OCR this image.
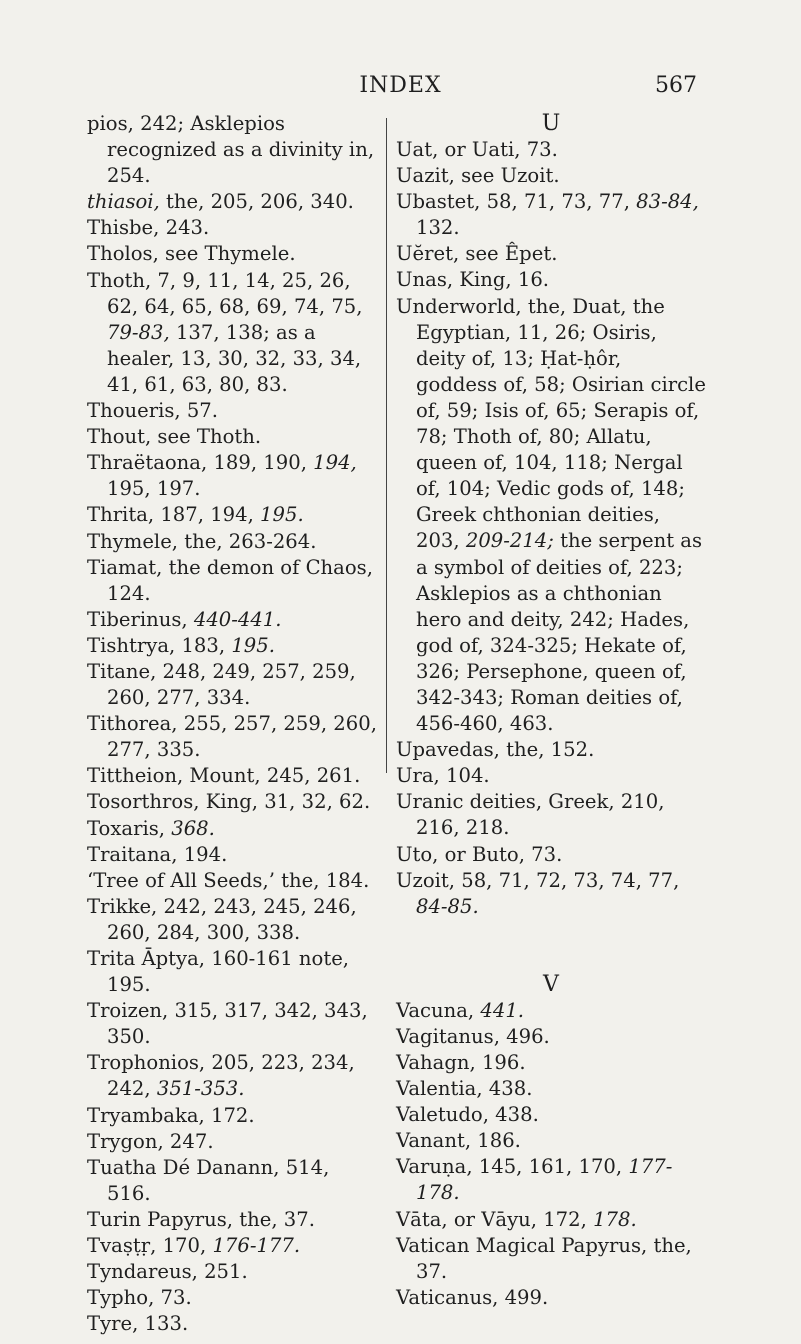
INDEX	567
pios, 242; Asklepios recognized as a divinity in, 254.
thiasoi, the, 205, 206, 340.
Thisbe, 243.
Tholos, see Thymele.
Thoth, 7, 9, 11, 14, 25, 26, 62, 64, 65, 68, 69, 74, 75, 79-83, 137, 138; as a healer, 13, 30, 32, 33, 34, 41, 61, 63, 80, 83.
Thoueris, 57.
Thout, see Thoth.
Thraëtaona, 189, 190, 194, 195, 197.
Thrita, 187, 194, 195.
Thymele, the, 263-264.
Tiamat, the demon of Chaos, 124.
Tiberinus, 440-441.
Tishtrya, 183, 195.
Titane, 248, 249, 257, 259, 260, 277, 334.
Tithorea, 255, 257, 259, 260, 277, 335.
Tittheion, Mount, 245, 261.
Tosorthros, King, 31, 32, 62.
Toxaris, 368.
Traitana, 194.
‘Tree of All Seeds,’ the, 184.
Trikke, 242, 243, 245, 246, 260, 284, 300, 338.
Trita Āptya, 160-161 note, 195.
Troizen, 315, 317, 342, 343, 350.
Trophonios, 205, 223, 234, 242, 351-353.
Tryambaka, 172.
Trygon, 247.
Tuatha Dé Danann, 514, 516.
Turin Papyrus, the, 37.
Tvaṣṭṛ, 170, 176-177.
Tyndareus, 251.
Typho, 73.
Tyre, 133.
U
Uat, or Uati, 73.
Uazit, see Uzoit.
Ubastet, 58, 71, 73, 77, 83-84, 132.
Uĕret, see Êpet.
Unas, King, 16.
Underworld, the, Duat, the Egyptian, 11, 26; Osiris, deity of, 13; Ḥat-ḥôr, goddess of, 58; Osirian circle of, 59; Isis of, 65; Serapis of, 78; Thoth of, 80; Allatu, queen of, 104, 118; Nergal of, 104; Vedic gods of, 148; Greek chthonian deities, 203, 209-214; the serpent as a symbol of deities of, 223; Asklepios as a chthonian hero and deity, 242; Hades, god of, 324-325; Hekate of, 326; Persephone, queen of, 342-343; Roman deities of, 456-460, 463.
Upavedas, the, 152.
Ura, 104.
Uranic deities, Greek, 210, 216, 218.
Uto, or Buto, 73.
Uzoit, 58, 71, 72, 73, 74, 77, 84-85.
V
Vacuna, 441.
Vagitanus, 496.
Vahagn, 196.
Valentia, 438.
Valetudo, 438.
Vanant, 186.
Varuṇa, 145, 161, 170, 177-178.
Vāta, or Vāyu, 172, 178.
Vatican Magical Papyrus, the, 37.
Vaticanus, 499.
